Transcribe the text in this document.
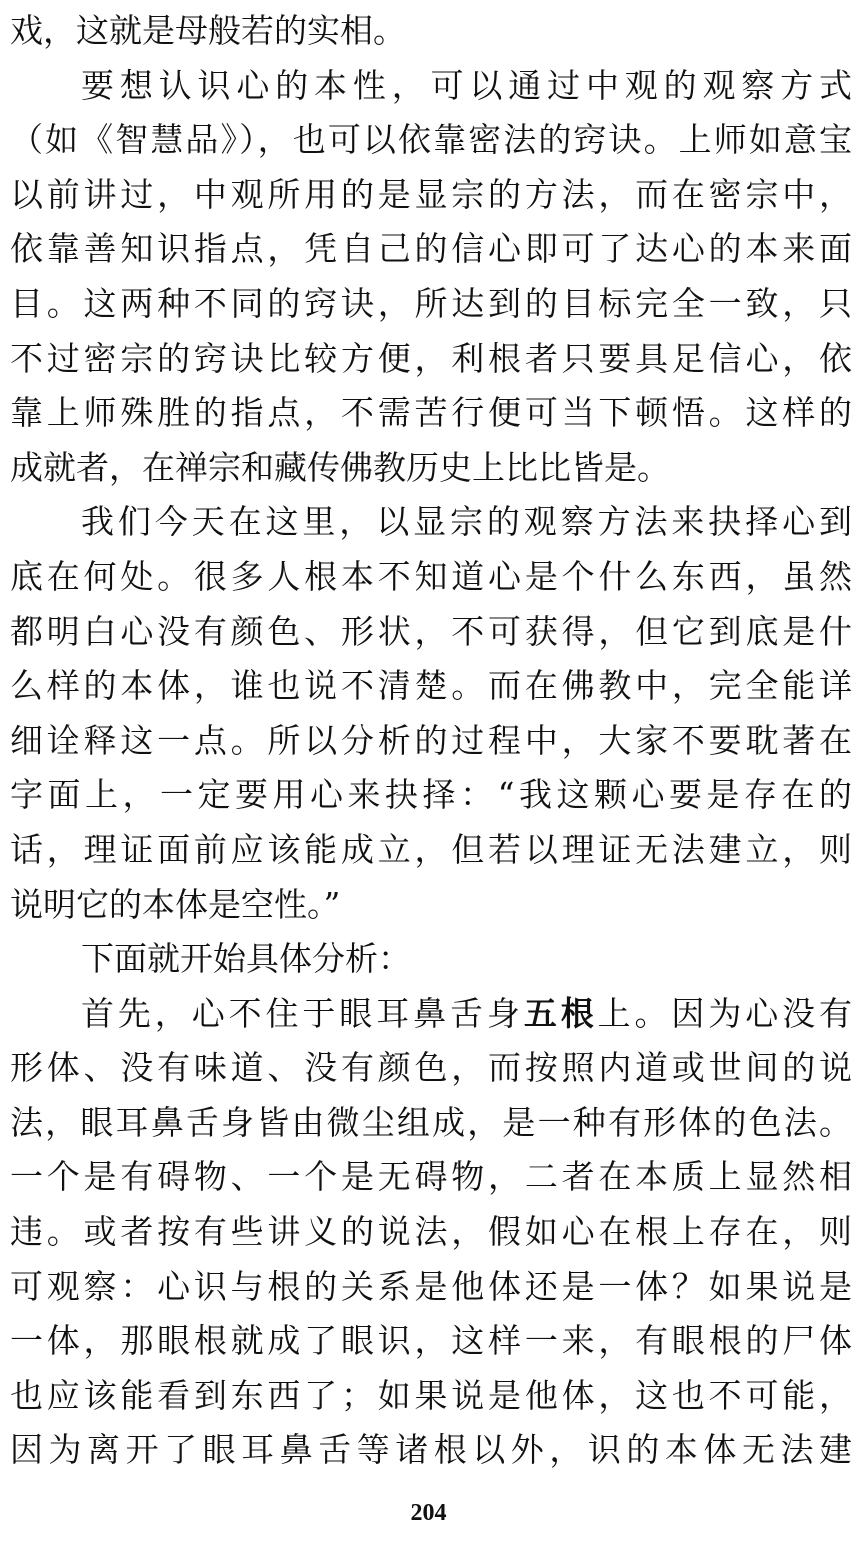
戏，这就是母般若的实相。
要想认识心的本性，可以通过中观的观察方式
（如《智慧品》），也可以依靠密法的窍诀。上师如意宝
以前讲过，中观所用的是显宗的方法，而在密宗中，
依靠善知识指点，凭自己的信心即可了达心的本来面
目。这两种不同的窍诀，所达到的目标完全一致，只
不过密宗的窍诀比较方便，利根者只要具足信心，依
靠上师殊胜的指点，不需苦行便可当下顿悟。这样的
成就者，在禅宗和藏传佛教历史上比比皆是。
我们今天在这里，以显宗的观察方法来抉择心到
底在何处。很多人根本不知道心是个什么东西，虽然
都明白心没有颜色、形状，不可获得，但它到底是什
么样的本体，谁也说不清楚。而在佛教中，完全能详
细诠释这一点。所以分析的过程中，大家不要耽著在
字面上，一定要用心来抉择：“我这颗心要是存在的
话，理证面前应该能成立，但若以理证无法建立，则
说明它的本体是空性。”
下面就开始具体分析：
首先，心不住于眼耳鼻舌身五根上。因为心没有
形体、没有味道、没有颜色，而按照内道或世间的说
法，眼耳鼻舌身皆由微尘组成，是一种有形体的色法。
一个是有碍物、一个是无碍物，二者在本质上显然相
违。或者按有些讲义的说法，假如心在根上存在，则
可观察：心识与根的关系是他体还是一体？如果说是
一体，那眼根就成了眼识，这样一来，有眼根的尸体
也应该能看到东西了；如果说是他体，这也不可能，
因为离开了眼耳鼻舌等诸根以外，识的本体无法建
204
